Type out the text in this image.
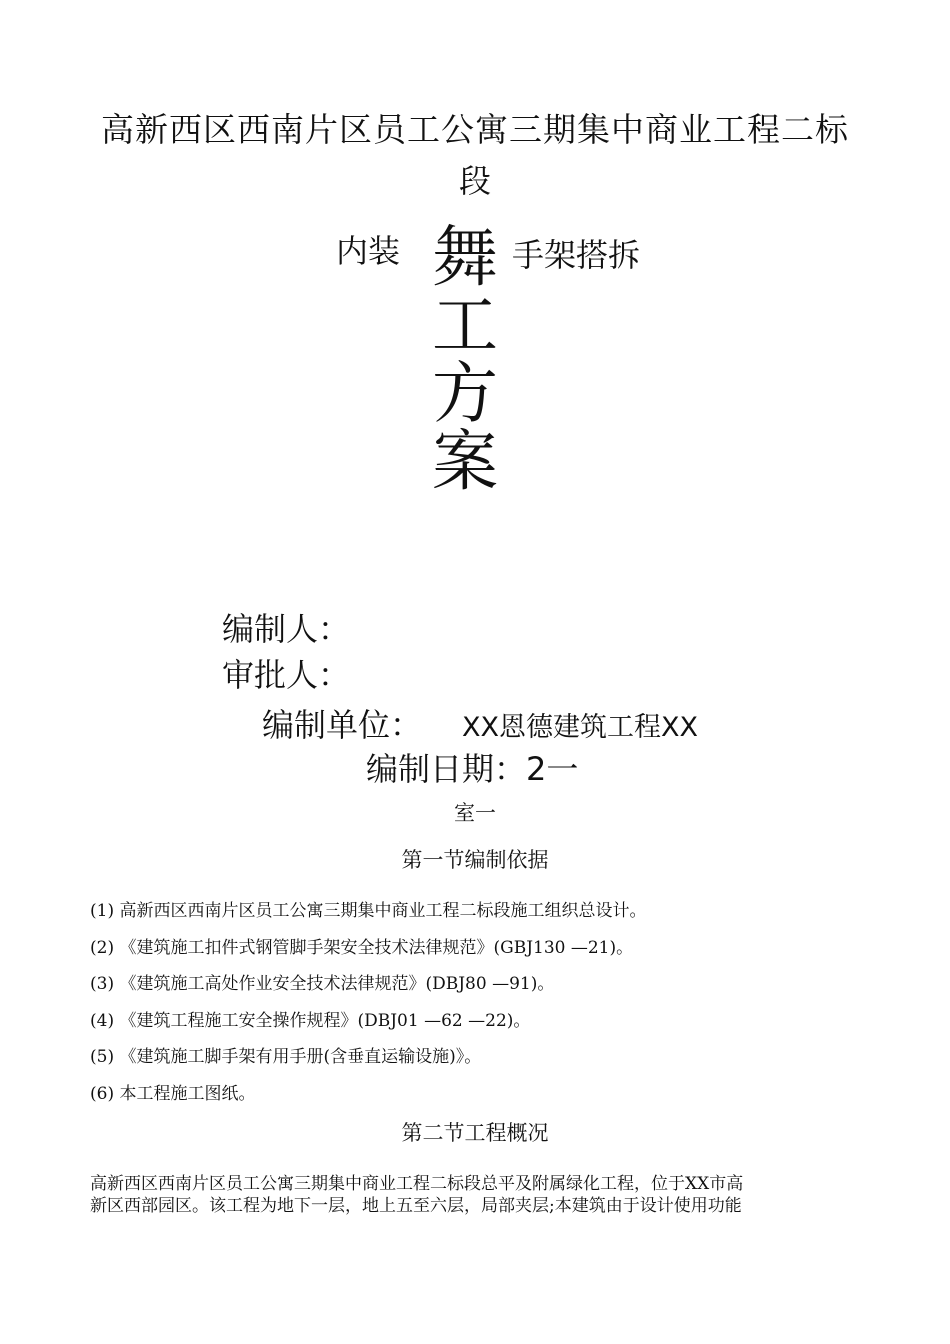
高新西区西南片区员工公寓三期集中商业工程二标
段
内装 舞工方案
手架搭拆
编制人：
审批人：
编制单位： XX恩德建筑工程XX
编制日期：2一
室一
第一节编制依据
(1) 高新西区西南片区员工公寓三期集中商业工程二标段施工组织总设计。
(2) 《建筑施工扣件式钢管脚手架安全技术法律规范》(GBJ130 —21)。
(3) 《建筑施工高处作业安全技术法律规范》(DBJ80 —91)。
(4) 《建筑工程施工安全操作规程》(DBJ01 —62 —22)。
(5) 《建筑施工脚手架有用手册(含垂直运输设施)》。
(6) 本工程施工图纸。
第二节工程概况
高新西区西南片区员工公寓三期集中商业工程二标段总平及附属绿化工程，位于XX市高
新区西部园区。该工程为地下一层，地上五至六层，局部夹层;本建筑由于设计使用功能
